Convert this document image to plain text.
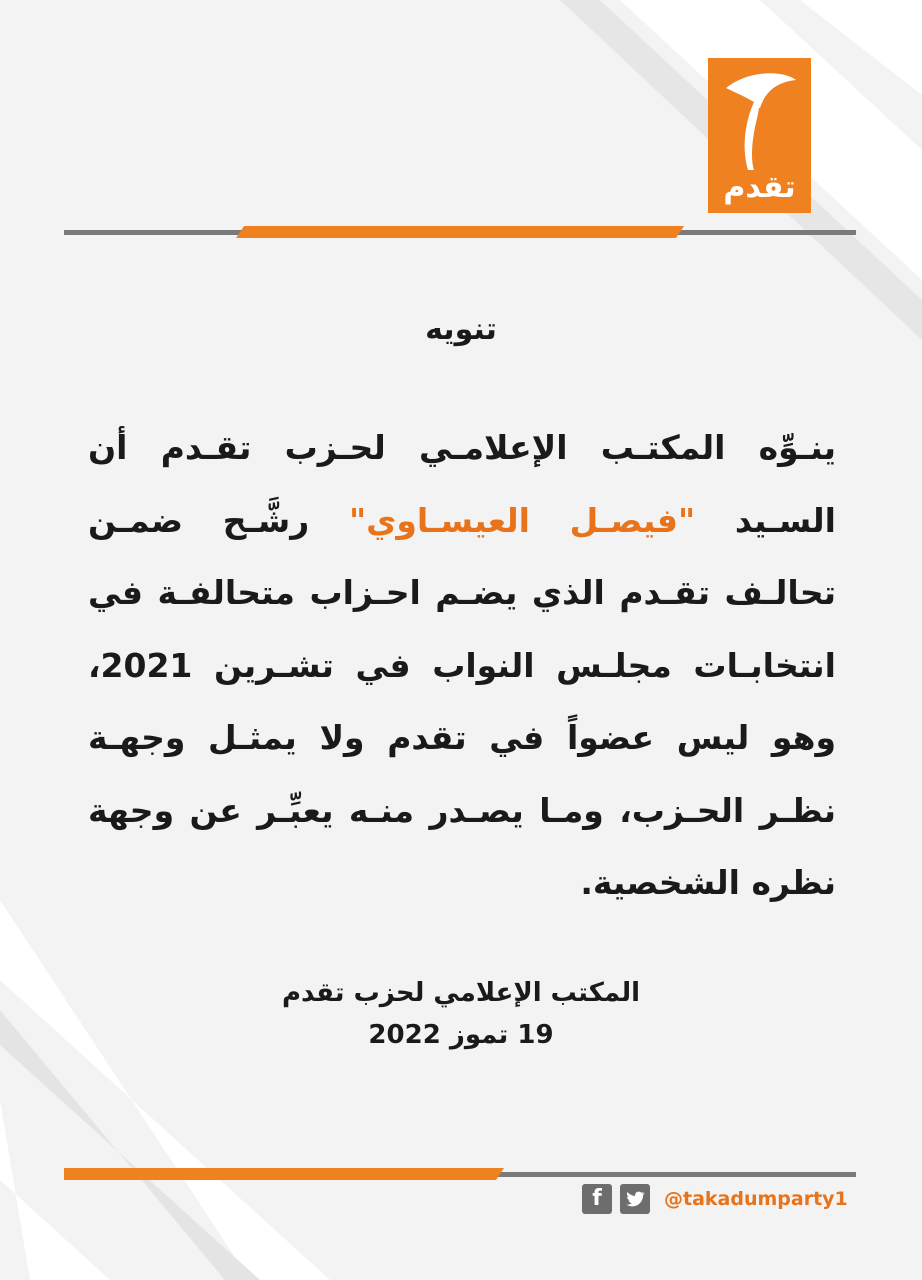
تقدم
تنويه
ينـوِّه المكتـب الإعلامـي لحـزب تقـدم أن السـيد "فيصـل العيسـاوي" رشَّـح ضمـن تحالـف تقـدم الذي يضـم احـزاب متحالفـة في انتخابـات مجلـس النواب في تشـرين 2021، وهو ليس عضواً في تقدم ولا يمثـل وجهـة نظـر الحـزب، ومـا يصـدر منـه يعبِّـر عن وجهة نظره الشخصية.
المكتب الإعلامي لحزب تقدم
19 تموز 2022
f	@takadumparty1
